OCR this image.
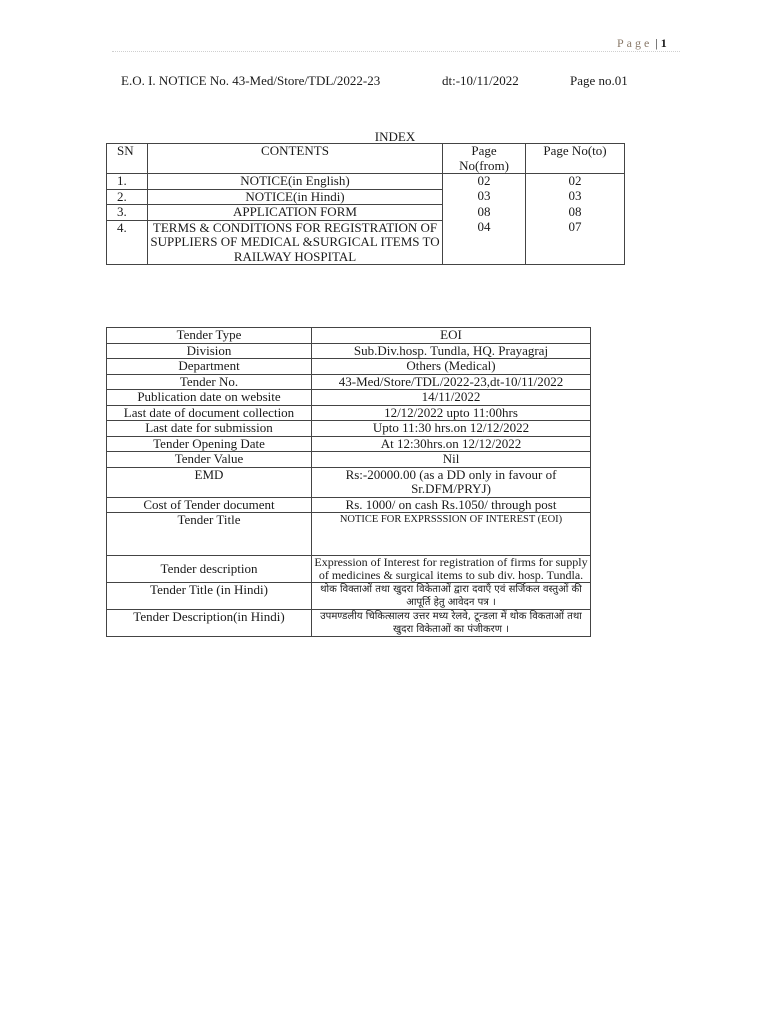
Page | 1
E.O. I. NOTICE No. 43-Med/Store/TDL/2022-23	dt:-10/11/2022	Page no.01
INDEX
SN	CONTENTS	Page No(from)	Page No(to)
1.	NOTICE(in English)	02	02
2.	NOTICE(in Hindi)	03	03
3.	APPLICATION FORM	08	08
4.	TERMS & CONDITIONS FOR REGISTRATION OF SUPPLIERS OF MEDICAL &SURGICAL ITEMS TO RAILWAY HOSPITAL	04	07
Tender Type	EOI
Division	Sub.Div.hosp. Tundla, HQ. Prayagraj
Department	Others (Medical)
Tender No.	43-Med/Store/TDL/2022-23,dt-10/11/2022
Publication date on website	14/11/2022
Last date of document collection	12/12/2022 upto 11:00hrs
Last date for submission	Upto 11:30 hrs.on 12/12/2022
Tender Opening Date	At 12:30hrs.on 12/12/2022
Tender Value	Nil
EMD	Rs:-20000.00 (as a DD only in favour of Sr.DFM/PRYJ)
Cost of Tender document	Rs. 1000/ on cash Rs.1050/ through post
Tender Title	NOTICE FOR EXPRSSSION OF INTEREST (EOI)
Tender description	Expression of Interest for registration of firms for supply of medicines & surgical items to sub div. hosp. Tundla.
Tender Title (in Hindi)	थोक विक्ताओं तथा खुदरा विकेताओं द्वारा दवाएँ एवं सर्जिकल वस्तुओं की आपूर्ति हेतु आवेदन पत्र ।
Tender Description(in Hindi)	उपमण्डलीय चिकित्सालय उत्तर मध्य रेलवे, टून्डला में थोक विकताओं तथा खुदरा विकेताओं का पंजीकरण ।
